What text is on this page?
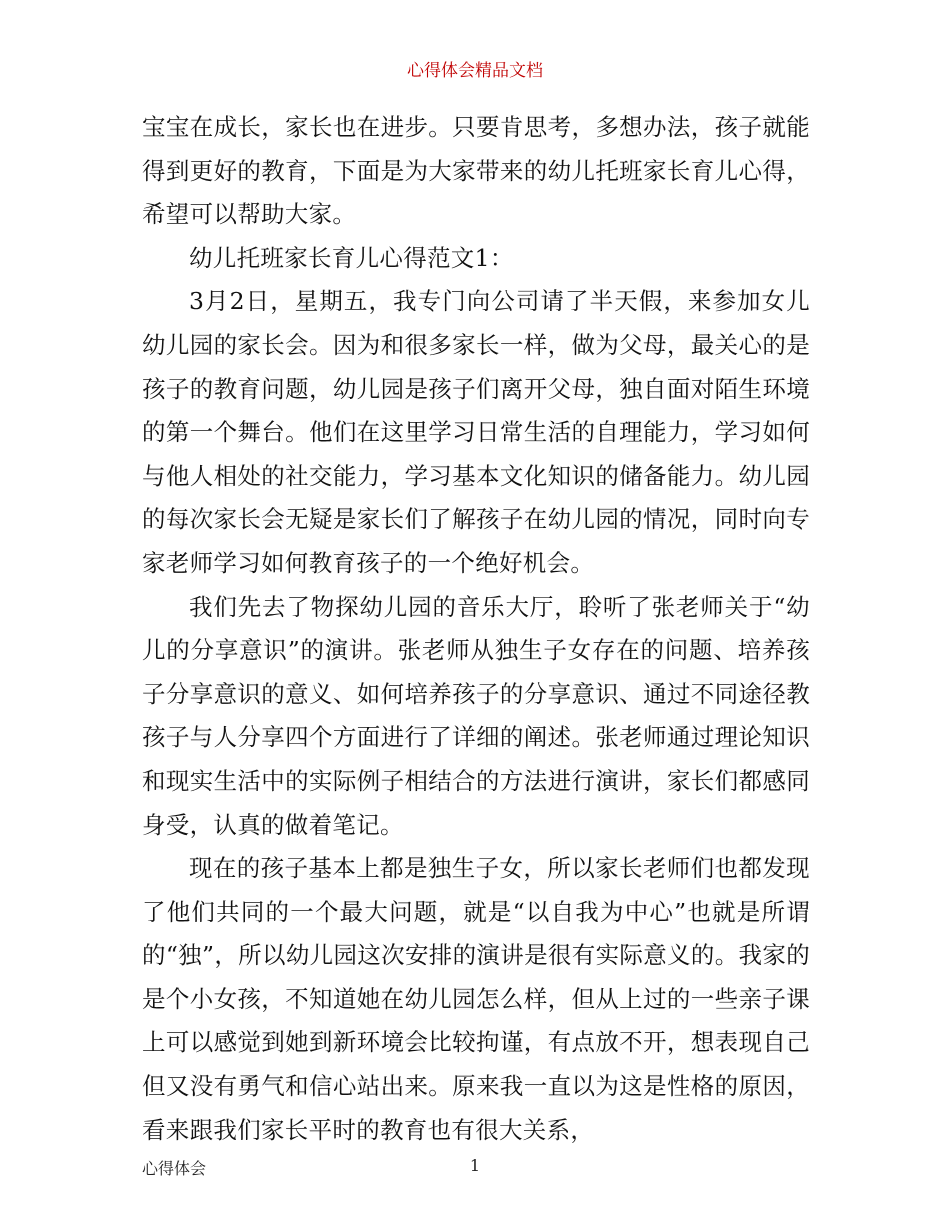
心得体会精品文档

宝宝在成长，家长也在进步。只要肯思考，多想办法，孩子就能得到更好的教育，下面是为大家带来的幼儿托班家长育儿心得，希望可以帮助大家。

幼儿托班家长育儿心得范文1：

3月2日，星期五，我专门向公司请了半天假，来参加女儿幼儿园的家长会。因为和很多家长一样，做为父母，最关心的是孩子的教育问题，幼儿园是孩子们离开父母，独自面对陌生环境的第一个舞台。他们在这里学习日常生活的自理能力，学习如何与他人相处的社交能力，学习基本文化知识的储备能力。幼儿园的每次家长会无疑是家长们了解孩子在幼儿园的情况，同时向专家老师学习如何教育孩子的一个绝好机会。

我们先去了物探幼儿园的音乐大厅，聆听了张老师关于“幼儿的分享意识”的演讲。张老师从独生子女存在的问题、培养孩子分享意识的意义、如何培养孩子的分享意识、通过不同途径教孩子与人分享四个方面进行了详细的阐述。张老师通过理论知识和现实生活中的实际例子相结合的方法进行演讲，家长们都感同身受，认真的做着笔记。

现在的孩子基本上都是独生子女，所以家长老师们也都发现了他们共同的一个最大问题，就是“以自我为中心”也就是所谓的“独”，所以幼儿园这次安排的演讲是很有实际意义的。我家的是个小女孩，不知道她在幼儿园怎么样，但从上过的一些亲子课上可以感觉到她到新环境会比较拘谨，有点放不开，想表现自己但又没有勇气和信心站出来。原来我一直以为这是性格的原因，看来跟我们家长平时的教育也有很大关系，

心得体会	1
